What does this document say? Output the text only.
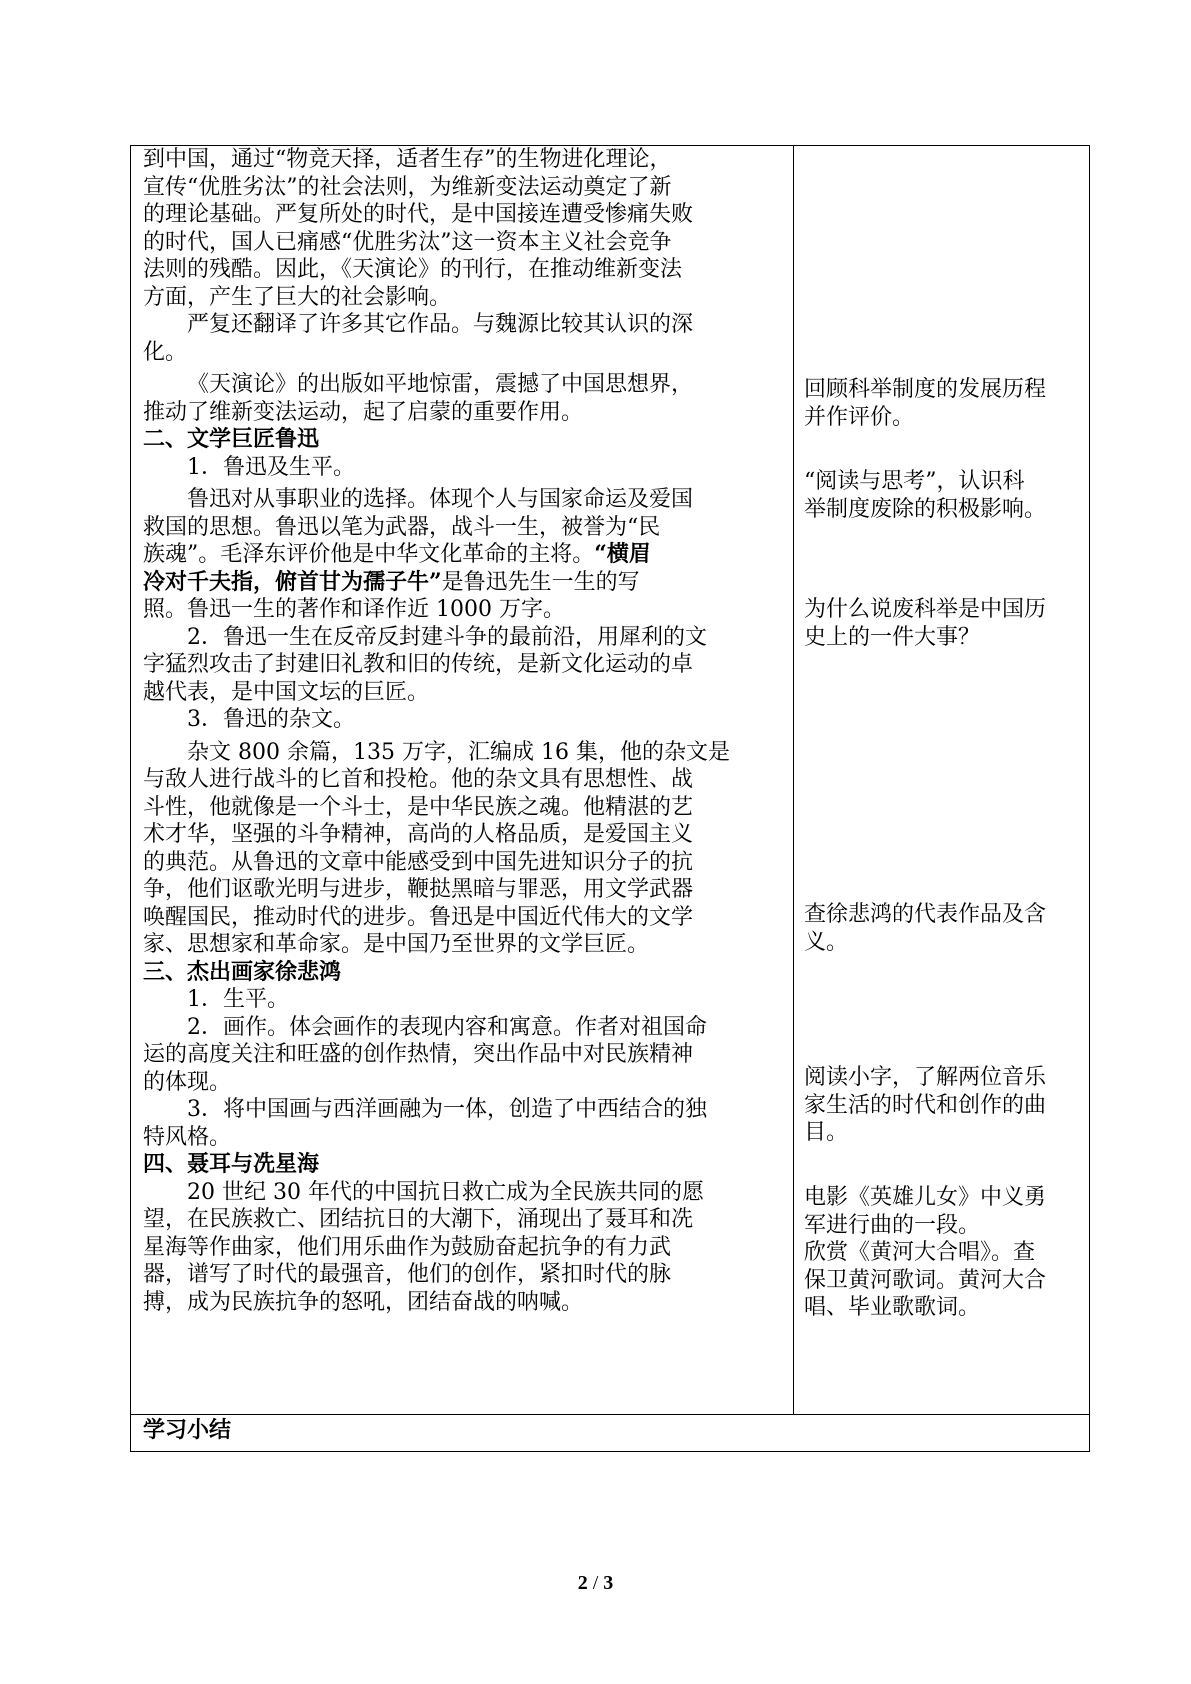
到中国，通过“物竞天择，适者生存”的生物进化理论，
宣传“优胜劣汰”的社会法则，为维新变法运动奠定了新
的理论基础。严复所处的时代，是中国接连遭受惨痛失败
的时代，国人已痛感“优胜劣汰”这一资本主义社会竞争
法则的残酷。因此，《天演论》的刊行，在推动维新变法
方面，产生了巨大的社会影响。
严复还翻译了许多其它作品。与魏源比较其认识的深
化。
《天演论》的出版如平地惊雷，震撼了中国思想界，
推动了维新变法运动，起了启蒙的重要作用。
二、文学巨匠鲁迅
1．鲁迅及生平。
鲁迅对从事职业的选择。体现个人与国家命运及爱国
救国的思想。鲁迅以笔为武器，战斗一生，被誉为“民
族魂”。毛泽东评价他是中华文化革命的主将。“横眉
冷对千夫指，俯首甘为孺子牛”是鲁迅先生一生的写
照。鲁迅一生的著作和译作近 1000 万字。
2．鲁迅一生在反帝反封建斗争的最前沿，用犀利的文
字猛烈攻击了封建旧礼教和旧的传统，是新文化运动的卓
越代表，是中国文坛的巨匠。
3．鲁迅的杂文。
杂文 800 余篇，135 万字，汇编成 16 集，他的杂文是
与敌人进行战斗的匕首和投枪。他的杂文具有思想性、战
斗性，他就像是一个斗士，是中华民族之魂。他精湛的艺
术才华，坚强的斗争精神，高尚的人格品质，是爱国主义
的典范。从鲁迅的文章中能感受到中国先进知识分子的抗
争，他们讴歌光明与进步，鞭挞黑暗与罪恶，用文学武器
唤醒国民，推动时代的进步。鲁迅是中国近代伟大的文学
家、思想家和革命家。是中国乃至世界的文学巨匠。
三、杰出画家徐悲鸿
1．生平。
2．画作。体会画作的表现内容和寓意。作者对祖国命
运的高度关注和旺盛的创作热情，突出作品中对民族精神
的体现。
3．将中国画与西洋画融为一体，创造了中西结合的独
特风格。
四、聂耳与冼星海
20 世纪 30 年代的中国抗日救亡成为全民族共同的愿
望，在民族救亡、团结抗日的大潮下，涌现出了聂耳和冼
星海等作曲家，他们用乐曲作为鼓励奋起抗争的有力武
器，谱写了时代的最强音，他们的创作，紧扣时代的脉
搏，成为民族抗争的怒吼，团结奋战的呐喊。

回顾科举制度的发展历程
并作评价。
“阅读与思考”，认识科
举制度废除的积极影响。
为什么说废科举是中国历
史上的一件大事？
查徐悲鸿的代表作品及含
义。
阅读小字，了解两位音乐
家生活的时代和创作的曲
目。
电影《英雄儿女》中义勇
军进行曲的一段。
欣赏《黄河大合唱》。查
保卫黄河歌词。黄河大合
唱、毕业歌歌词。

学习小结
2 / 3
